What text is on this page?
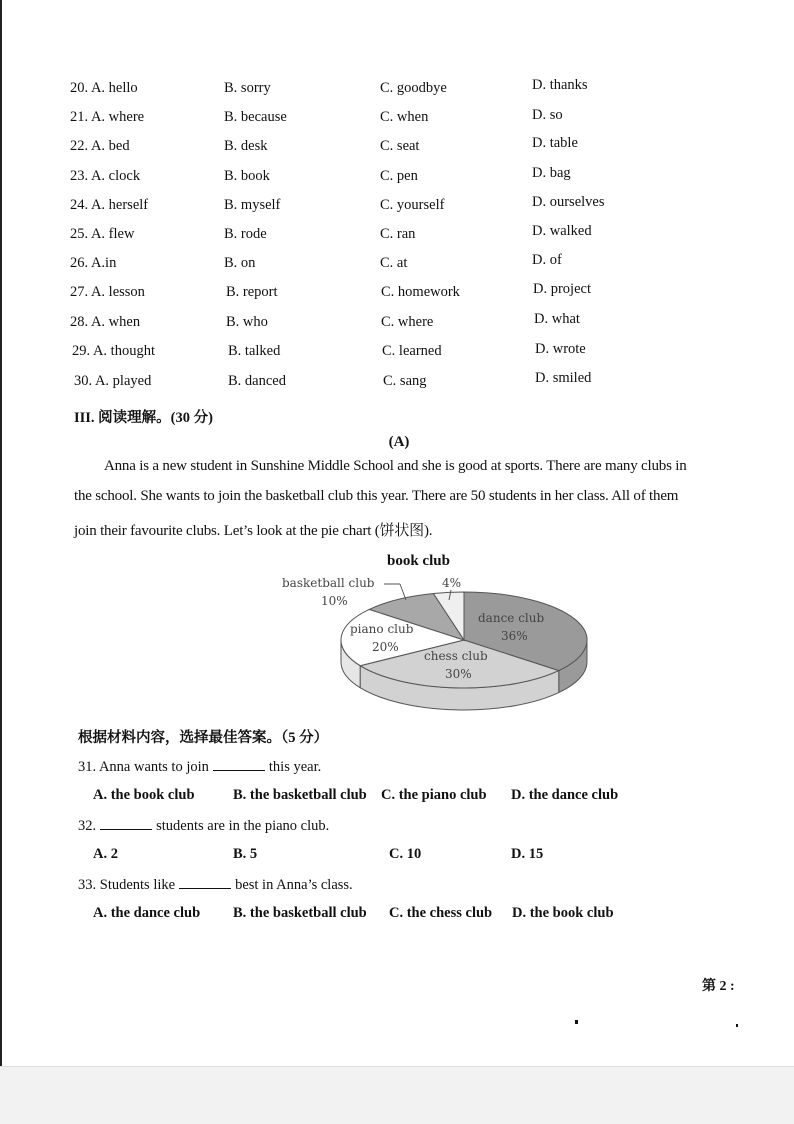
20. A. hello	B. sorry	C. goodbye	D. thanks
21. A. where	B. because	C. when	D. so
22. A. bed	B. desk	C. seat	D. table
23. A. clock	B. book	C. pen	D. bag
24. A. herself	B. myself	C. yourself	D. ourselves
25. A. flew	B. rode	C. ran	D. walked
26. A.in	B. on	C. at	D. of
27. A. lesson	B. report	C. homework	D. project
28. A. when	B. who	C. where	D. what
29. A. thought	B. talked	C. learned	D. wrote
30. A. played	B. danced	C. sang	D. smiled
III. 阅读理解。(30 分)
(A)
Anna is a new student in Sunshine Middle School and she is good at sports. There are many clubs in
the school. She wants to join the basketball club this year. There are 50 students in her class. All of them
join their favourite clubs. Let’s look at the pie chart (饼状图).
book club
basketball club
10%
4%
piano club
20%
dance club
36%
chess club
30%
根据材料内容，选择最佳答案。（5 分）
31. Anna wants to join	this year.
A. the book club	B. the basketball club C. the piano club D. the dance club
32.	students are in the piano club.
A. 2	B. 5	C. 10	D. 15
33. Students like	best in Anna’s class.
A. the dance club B. the basketball club C. the chess club D. the book club
第 2 :
